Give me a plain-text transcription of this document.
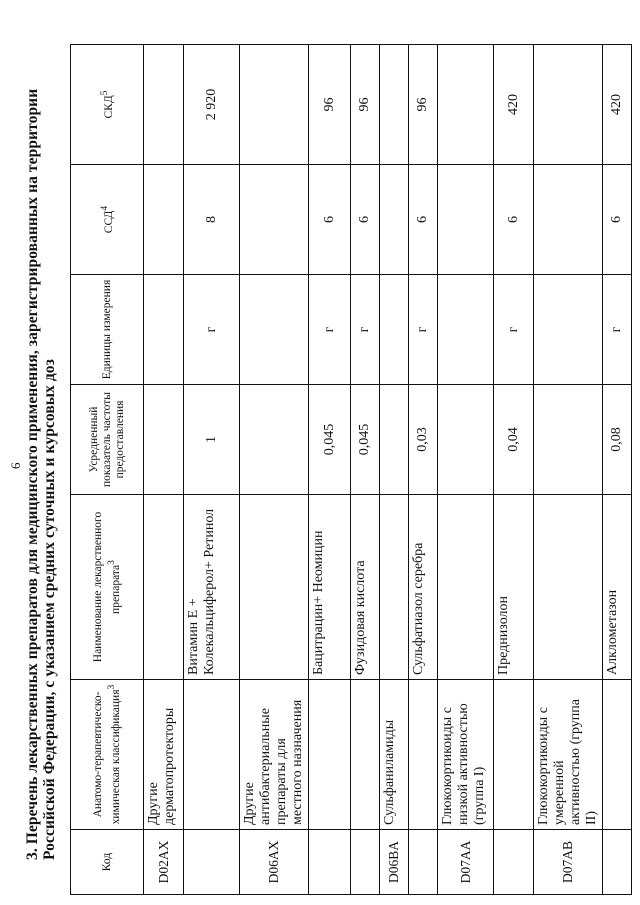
6 3. Перечень лекарственных препаратов для медицинского применения, зарегистрированных на территории Российской Федерации, с указанием средних суточных и курсовых доз
Код	Анатомо-терапевтическо-химическая классификация$^3$	Наименование лекарственного препарата$^3$	Усредненный показатель частоты предоставления	Единицы измерения	ССД$^4$	СКД$^5$
D02AX	Другие дерматопротекторы					
		Витамин Е + Колекальциферол+ Ретинол	1	г	8	2 920
D06AX	Другие антибактериальные препараты для местного назначения					
		Бацитрацин+ Неомицин	0,045	г	6	96
		Фузидовая кислота	0,045	г	6	96
D06BA	Сульфаниламиды					
		Сульфатиазол серебра	0,03	г	6	96
D07AA	Глюкокортикоиды с низкой активностью (группа I)					
		Преднизолон	0,04	г	6	420
D07AB	Глюкокортикоиды с умеренной активностью (группа II)					
		Алклометазон	0,08	г	6	420
